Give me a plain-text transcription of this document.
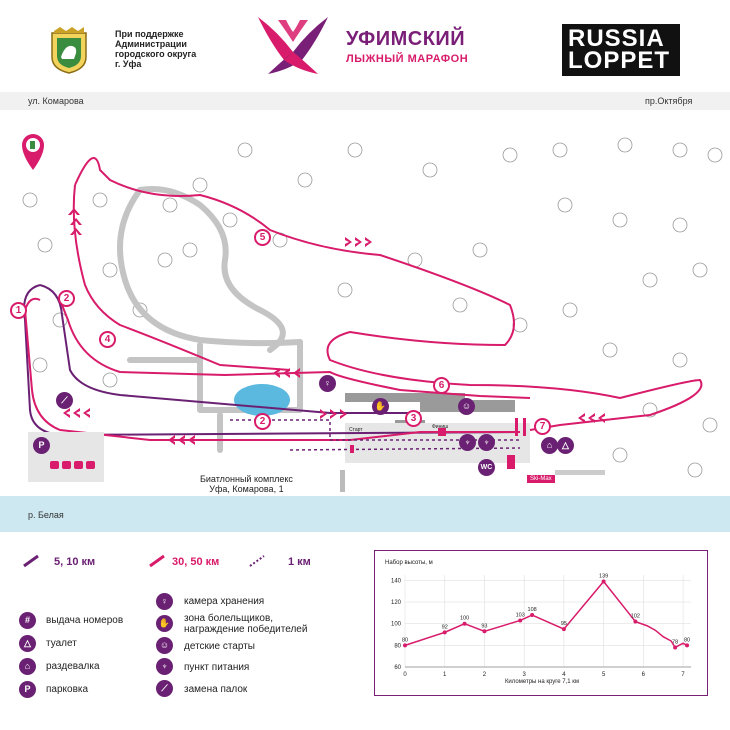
При поддержке
Администрации
городского округа
г. Уфа
УФИМСКИЙ
ЛЫЖНЫЙ МАРАФОН
RUSSIA
LOPPET
ул. Комарова	пр.Октября
1
2
2	3
4
5
6
7
⟋
♀
✋	☺
♆	♆
WC
⌂	△
Старт	Финиш
Ski-Max
P
Биатлонный комплекс
Уфа, Комарова, 1
р. Белая
5, 10 км	30, 50 км	1 км
#	выдача номеров
△	туалет
⌂	раздевалка
P	парковка
♀	камера хранения
✋ зона болельщиков,
награждение победителей
☺	детские старты
♆	пункт питания
⟋	замена палок
Набор высоты, м
60
80
100
120
140
0	1	2	3	4	5	6	7
80
92
100
93
103
108
95
139
102
78 80
Километры на круге 7,1 км
